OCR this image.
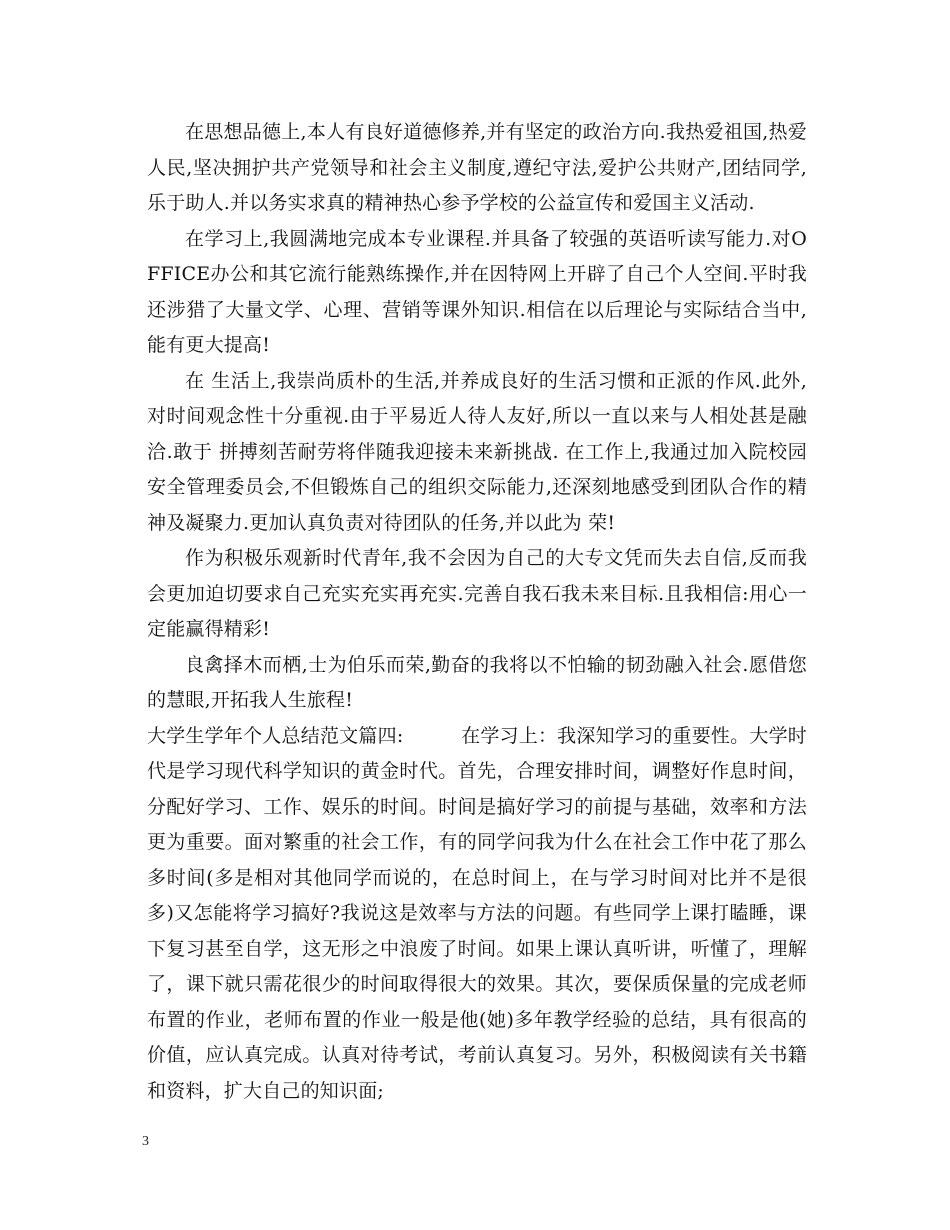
在思想品德上,本人有良好道德修养,并有坚定的政治方向.我热爱祖国,热爱人民,坚决拥护共产党领导和社会主义制度,遵纪守法,爱护公共财产,团结同学,乐于助人.并以务实求真的精神热心参予学校的公益宣传和爱国主义活动.

在学习上,我圆满地完成本专业课程.并具备了较强的英语听读写能力.对OFFICE办公和其它流行能熟练操作,并在因特网上开辟了自己个人空间.平时我还涉猎了大量文学、心理、营销等课外知识.相信在以后理论与实际结合当中,能有更大提高!

在 生活上,我崇尚质朴的生活,并养成良好的生活习惯和正派的作风.此外,对时间观念性十分重视.由于平易近人待人友好,所以一直以来与人相处甚是融洽.敢于 拼搏刻苦耐劳将伴随我迎接未来新挑战. 在工作上,我通过加入院校园安全管理委员会,不但锻炼自己的组织交际能力,还深刻地感受到团队合作的精神及凝聚力.更加认真负责对待团队的任务,并以此为 荣!

作为积极乐观新时代青年,我不会因为自己的大专文凭而失去自信,反而我会更加迫切要求自己充实充实再充实.完善自我石我未来目标.且我相信:用心一定能赢得精彩!

良禽择木而栖,士为伯乐而荣,勤奋的我将以不怕输的韧劲融入社会.愿借您的慧眼,开拓我人生旅程!

大学生学年个人总结范文篇四:　　　在学习上：我深知学习的重要性。大学时代是学习现代科学知识的黄金时代。首先，合理安排时间，调整好作息时间，分配好学习、工作、娱乐的时间。时间是搞好学习的前提与基础，效率和方法更为重要。面对繁重的社会工作，有的同学问我为什么在社会工作中花了那么多时间(多是相对其他同学而说的，在总时间上，在与学习时间对比并不是很多)又怎能将学习搞好?我说这是效率与方法的问题。有些同学上课打瞌睡，课下复习甚至自学，这无形之中浪废了时间。如果上课认真听讲，听懂了，理解了，课下就只需花很少的时间取得很大的效果。其次，要保质保量的完成老师布置的作业，老师布置的作业一般是他(她)多年教学经验的总结，具有很高的价值，应认真完成。认真对待考试，考前认真复习。另外，积极阅读有关书籍和资料，扩大自己的知识面;

3
